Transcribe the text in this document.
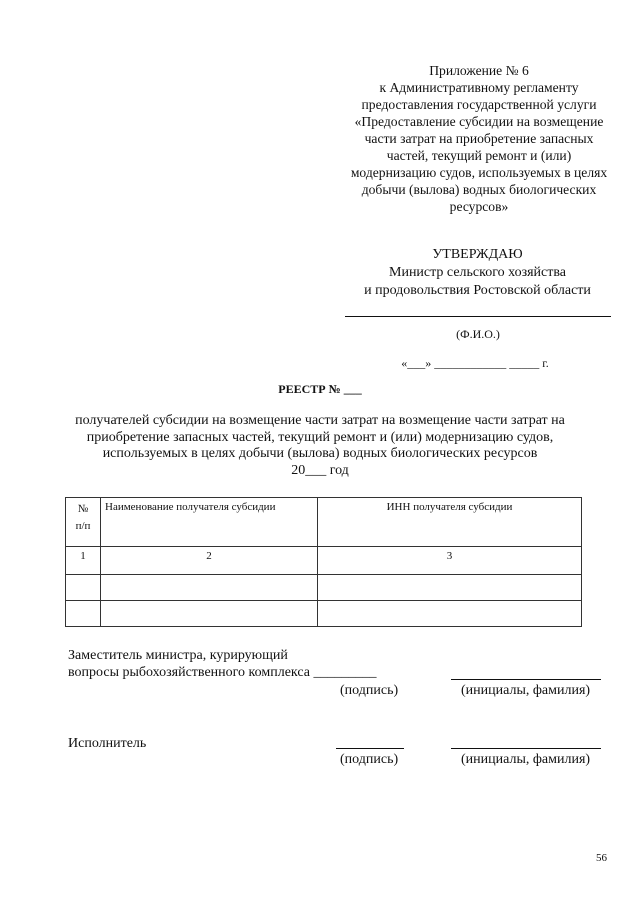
Приложение № 6
к Административному регламенту
предоставления государственной услуги
«Предоставление субсидии на возмещение
части затрат на приобретение запасных
частей, текущий ремонт и (или)
модернизацию судов, используемых в целях
добычи (вылова) водных биологических
ресурсов»
УТВЕРЖДАЮ
Министр сельского хозяйства
и продовольствия Ростовской области
(Ф.И.О.)
«___» ____________ _____ г.
РЕЕСТР № ___
получателей субсидии на возмещение части затрат на возмещение части затрат на
приобретение запасных частей, текущий ремонт и (или) модернизацию судов,
используемых в целях добычи (вылова) водных биологических ресурсов
20___ год
№
п/п	Наименование получателя субсидии	ИНН получателя субсидии
1	2	3

Заместитель министра, курирующий
вопросы рыбохозяйственного комплекса _________
(подпись)	(инициалы, фамилия)
Исполнитель
(подпись)	(инициалы, фамилия)
56
